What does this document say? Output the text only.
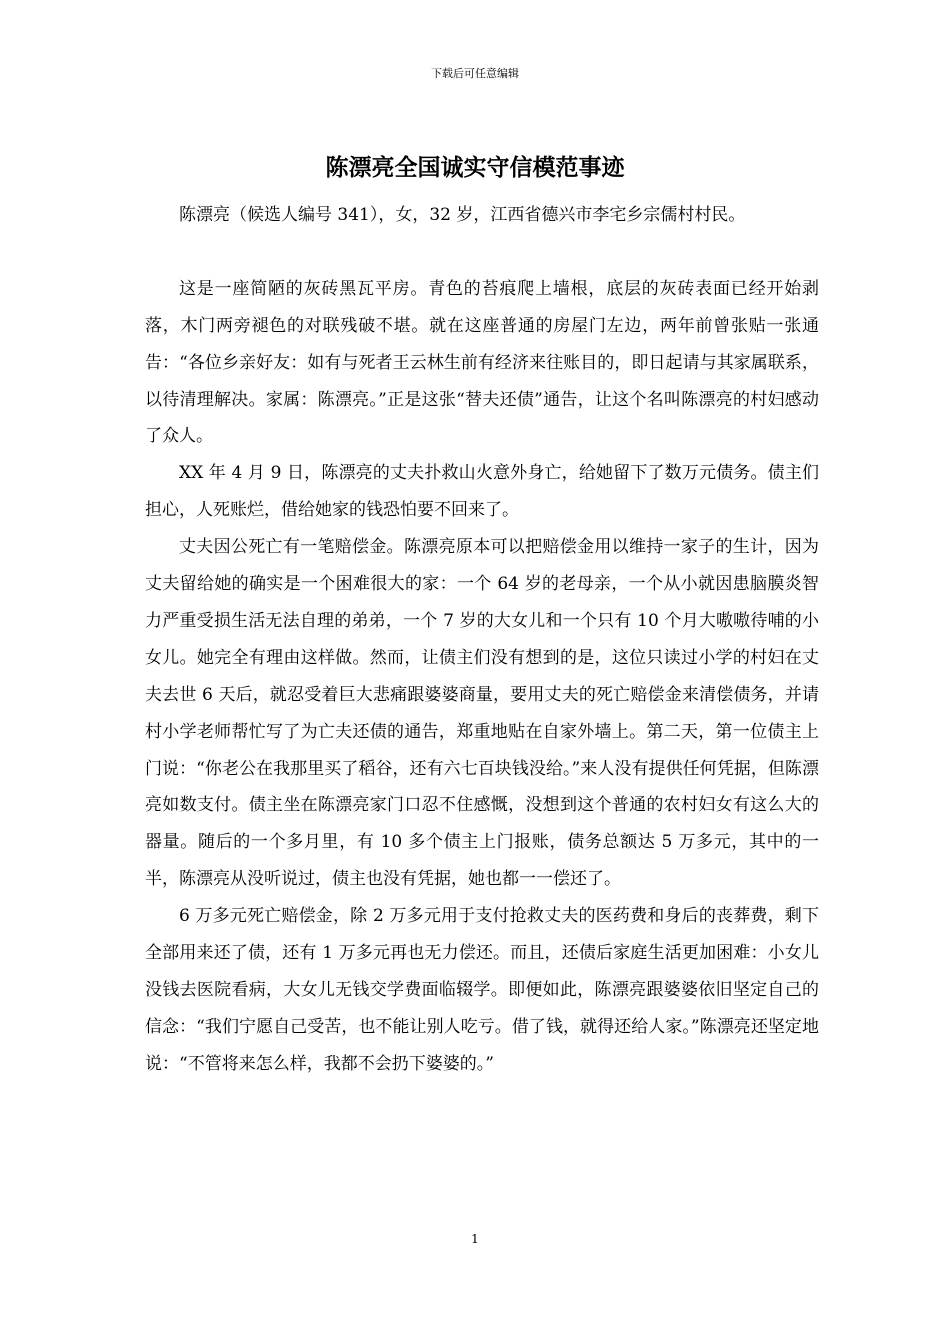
下载后可任意编辑
陈漂亮全国诚实守信模范事迹

陈漂亮（候选人编号 341），女，32 岁，江西省德兴市李宅乡宗儒村村民。

这是一座简陋的灰砖黑瓦平房。青色的苔痕爬上墙根，底层的灰砖表面已经开始剥落，木门两旁褪色的对联残破不堪。就在这座普通的房屋门左边，两年前曾张贴一张通告：“各位乡亲好友：如有与死者王云林生前有经济来往账目的，即日起请与其家属联系，以待清理解决。家属：陈漂亮。”正是这张“替夫还债”通告，让这个名叫陈漂亮的村妇感动了众人。

XX 年 4 月 9 日，陈漂亮的丈夫扑救山火意外身亡，给她留下了数万元债务。债主们担心，人死账烂，借给她家的钱恐怕要不回来了。

丈夫因公死亡有一笔赔偿金。陈漂亮原本可以把赔偿金用以维持一家子的生计，因为丈夫留给她的确实是一个困难很大的家：一个 64 岁的老母亲，一个从小就因患脑膜炎智力严重受损生活无法自理的弟弟，一个 7 岁的大女儿和一个只有 10 个月大嗷嗷待哺的小女儿。她完全有理由这样做。然而，让债主们没有想到的是，这位只读过小学的村妇在丈夫去世 6 天后，就忍受着巨大悲痛跟婆婆商量，要用丈夫的死亡赔偿金来清偿债务，并请村小学老师帮忙写了为亡夫还债的通告，郑重地贴在自家外墙上。第二天，第一位债主上门说：“你老公在我那里买了稻谷，还有六七百块钱没给。”来人没有提供任何凭据，但陈漂亮如数支付。债主坐在陈漂亮家门口忍不住感慨，没想到这个普通的农村妇女有这么大的器量。随后的一个多月里，有 10 多个债主上门报账，债务总额达 5 万多元，其中的一半，陈漂亮从没听说过，债主也没有凭据，她也都一一偿还了。

6 万多元死亡赔偿金，除 2 万多元用于支付抢救丈夫的医药费和身后的丧葬费，剩下全部用来还了债，还有 1 万多元再也无力偿还。而且，还债后家庭生活更加困难：小女儿没钱去医院看病，大女儿无钱交学费面临辍学。即便如此，陈漂亮跟婆婆依旧坚定自己的信念：“我们宁愿自己受苦，也不能让别人吃亏。借了钱，就得还给人家。”陈漂亮还坚定地说：“不管将来怎么样，我都不会扔下婆婆的。”

1
